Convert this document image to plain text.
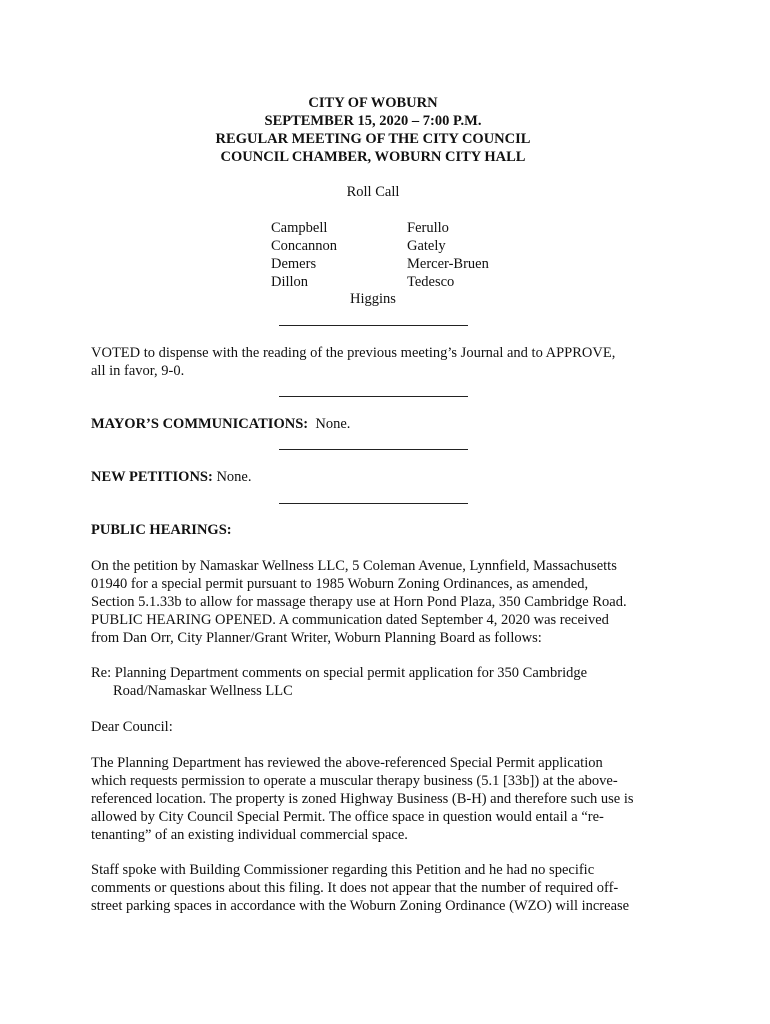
CITY OF WOBURN
SEPTEMBER 15, 2020 – 7:00 P.M.
REGULAR MEETING OF THE CITY COUNCIL
COUNCIL CHAMBER, WOBURN CITY HALL
Roll Call
Campbell
Concannon
Demers
Dillon
Ferullo
Gately
Mercer-Bruen
Tedesco
Higgins
VOTED to dispense with the reading of the previous meeting’s Journal and to APPROVE,
all in favor, 9-0.
MAYOR’S COMMUNICATIONS: None.
NEW PETITIONS: None.
PUBLIC HEARINGS:
On the petition by Namaskar Wellness LLC, 5 Coleman Avenue, Lynnfield, Massachusetts
01940 for a special permit pursuant to 1985 Woburn Zoning Ordinances, as amended,
Section 5.1.33b to allow for massage therapy use at Horn Pond Plaza, 350 Cambridge Road.
PUBLIC HEARING OPENED. A communication dated September 4, 2020 was received
from Dan Orr, City Planner/Grant Writer, Woburn Planning Board as follows:
Re: Planning Department comments on special permit application for 350 Cambridge
Road/Namaskar Wellness LLC
Dear Council:
The Planning Department has reviewed the above-referenced Special Permit application
which requests permission to operate a muscular therapy business (5.1 [33b]) at the above-
referenced location. The property is zoned Highway Business (B-H) and therefore such use is
allowed by City Council Special Permit. The office space in question would entail a “re-
tenanting” of an existing individual commercial space.
Staff spoke with Building Commissioner regarding this Petition and he had no specific
comments or questions about this filing. It does not appear that the number of required off-
street parking spaces in accordance with the Woburn Zoning Ordinance (WZO) will increase
